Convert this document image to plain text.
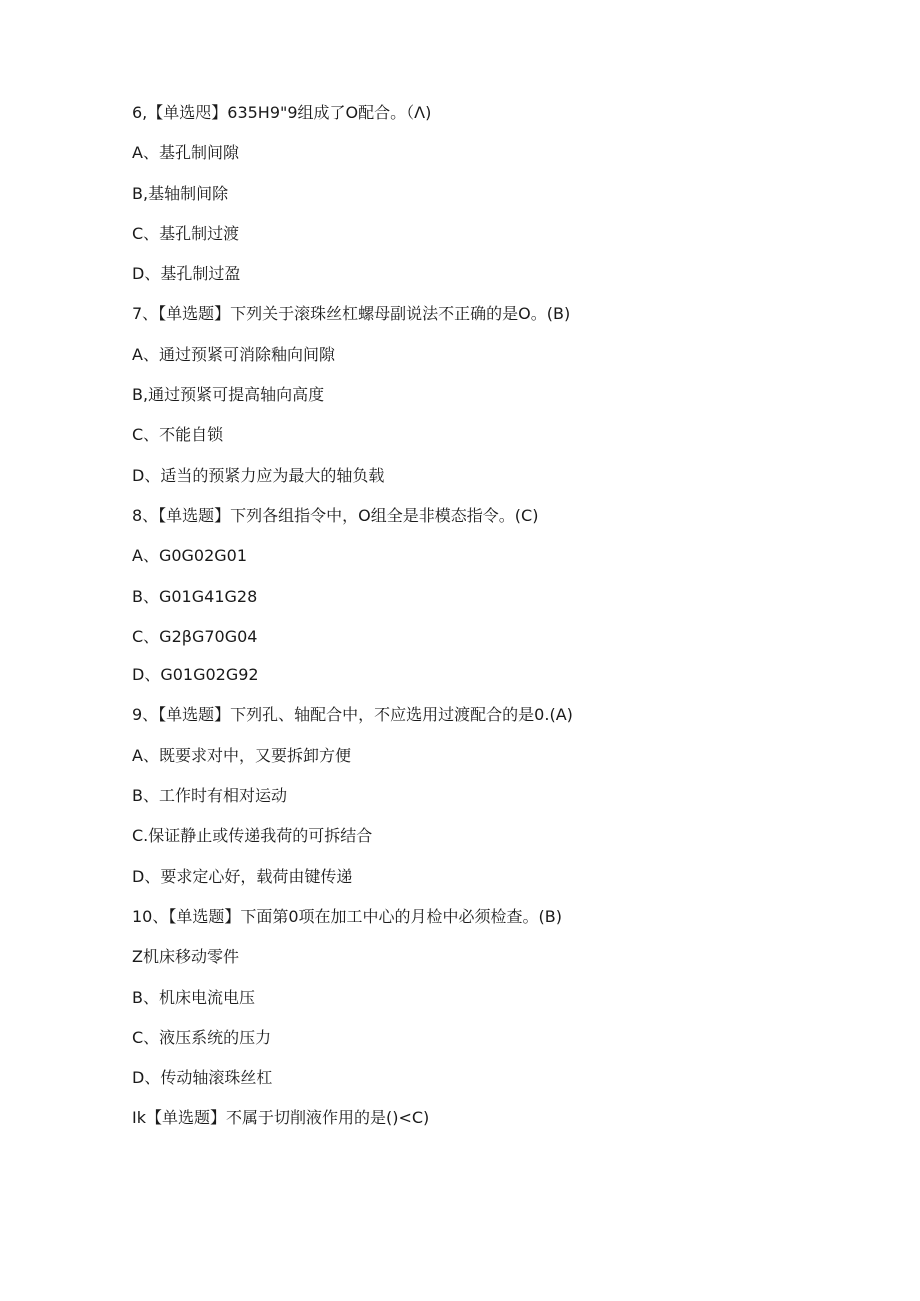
6,【单选咫】635H9"9组成了O配合。（Λ)
A、基孔制间隙
B,基轴制间除
C、基孔制过渡
D、基孔制过盈
7、【单选题】下列关于滚珠丝杠螺母副说法不正确的是O。(B)
A、通过预紧可消除釉向间隙
B,通过预紧可提高轴向高度
C、不能自锁
D、适当的预紧力应为最大的轴负载
8、【单选题】下列各组指令中，O组全是非模态指令。(C)
A、G0G02G01
B、G01G41G28
C、G2βG70G04
D、G01G02G92
9、【单选题】下列孔、轴配合中，不应选用过渡配合的是0.(A)
A、既要求对中，又要拆卸方便
B、工作时有相对运动
C.保证静止或传递我荷的可拆结合
D、要求定心好，载荷由键传递
10、【单选题】下面第0项在加工中心的月检中必须检查。(B)
Z机床移动零件
B、机床电流电压
C、液压系统的压力
D、传动轴滚珠丝杠
Ik【单选题】不属于切削液作用的是()<C)
